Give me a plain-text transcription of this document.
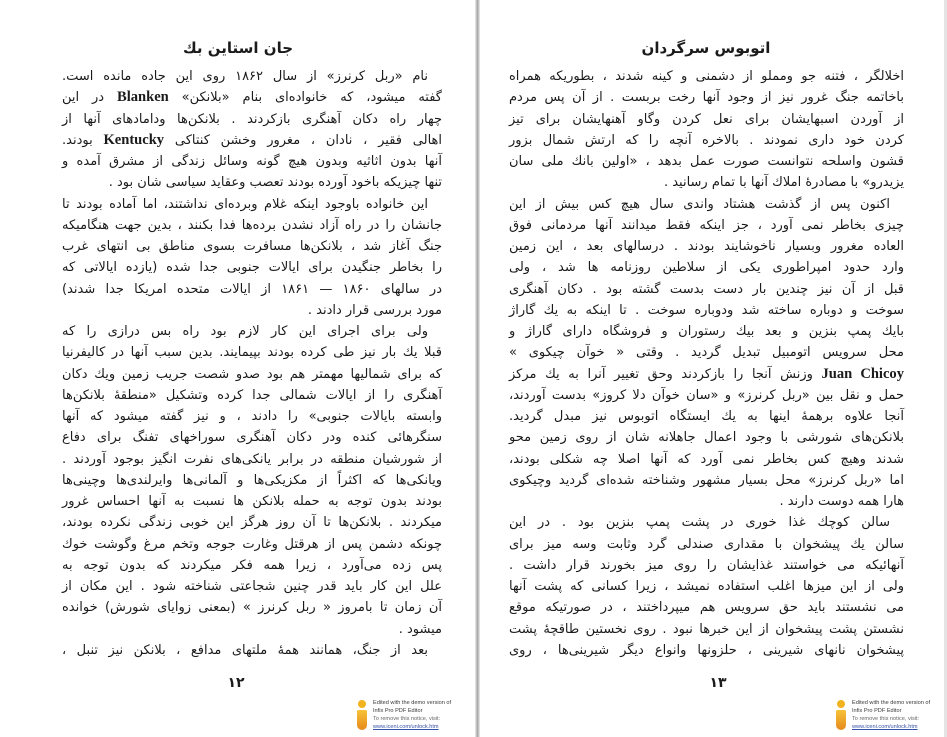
جان استاین بك
نام «ربل کرنرز» از سال ۱۸۶۲ روی این جاده مانده است.
گفته میشود، که خانواده‌ای بنام «بلانکن» Blanken در این
چهار راه دکان آهنگری بازکردند . بلانکن‌ها ودامادهای آنها از
اهالی فقیر ، نادان ، مغرور وخشن کنتاکی Kentucky بودند.
آنها بدون اثاثیه وبدون هیچ گونه وسائل زندگی از مشرق آمده و
تنها چیزیکه باخود آورده بودند تعصب وعقاید سیاسی شان بود .
این خانواده باوجود اینکه غلام وبرده‌ای نداشتند، اما آماده بودند تا
جانشان را در راه آزاد نشدن برده‌ها فدا بکنند ، بدین جهت هنگامیکه
جنگ آغاز شد ، بلانکن‌ها مسافرت بسوی مناطق بی انتهای غرب
را بخاطر جنگیدن برای ایالات جنوبی جدا شده (یازده ایالاتی که
در سالهای ۱۸۶۰ — ۱۸۶۱ از ایالات متحده امریکا جدا شدند)
مورد بررسی قرار دادند .
ولی برای اجرای این کار لازم بود راه بس درازی را که
قبلا یك بار نیز طی کرده بودند بپیمایند. بدین سبب آنها در کالیفرنیا
که برای شمالیها مهمتر هم بود صدو شصت جریب زمین ویك دکان
آهنگری را از ایالات شمالی جدا کرده وتشکیل «منطقهٔ بلانکن‌ها
وابسته بایالات جنوبی» را دادند ، و نیز گفته میشود که آنها
سنگرهائی کنده ودر دکان آهنگری سوراخهای تفنگ برای دفاع
از شورشیان منطقه در برابر یانکی‌های نفرت انگیز بوجود آوردند .
ویانکی‌ها که اکثراً از مکزیکی‌ها و آلمانی‌ها وایرلندی‌ها وچینی‌ها
بودند بدون توجه به حمله بلانکن ها نسبت به آنها احساس غرور
میکردند . بلانکن‌ها تا آن روز هرگز این خوبی زندگی نکرده بودند،
چونکه دشمن پس از هرقتل وغارت جوجه وتخم مرغ وگوشت خوك
پس زده می‌آورد ، زیرا همه فکر میکردند که بدون توجه به
علل این کار باید قدر چنین شجاعتی شناخته شود . این مکان از
آن زمان تا بامروز « ربل کرنرز » (بمعنی زوایای شورش) خوانده
میشود .
بعد از جنگ، همانند همهٔ ملتهای مدافع ، بلانکن نیز تنبل ،
۱۲
اتوبوس سرگردان
اخلالگر ، فتنه جو ومملو از دشمنی و کینه شدند ، بطوریکه همراه
باخاتمه جنگ غرور نیز از وجود آنها رخت بربست . از آن پس مردم
از آوردن اسبهایشان برای نعل کردن وگاو آهنهایشان برای تیز
کردن خود داری نمودند . بالاخره آنچه را که ارتش شمال بزور
قشون واسلحه نتوانست صورت عمل بدهد ، «اولین بانك ملی سان
یزیدرو» با مصادرهٔ املاك آنها با تمام رسانید .
اکنون پس از گذشت هشتاد واندی سال هیچ کس بیش از این
چیزی بخاطر نمی آورد ، جز اینکه فقط میدانند آنها مردمانی فوق
العاده مغرور وبسیار ناخوشایند بودند . درسالهای بعد ، این زمین
وارد حدود امپراطوری یکی از سلاطین روزنامه ها شد ، ولی
قبل از آن نیز چندین بار دست بدست گشته بود . دکان آهنگری
سوخت و دوباره ساخته شد ودوباره سوخت . تا اینکه به یك گاراژ
بایك پمپ بنزین و بعد بیك رستوران و فروشگاه دارای گاراژ و
محل سرویس اتومبیل تبدیل گردید . وقتی « خوآن چیکوی »
Juan Chicoy وزنش آنجا را بازکردند وحق تغییر آنرا به یك مرکز
حمل و نقل بین «ربل کرنرز» و «سان خوآن دلا کروز» بدست آوردند،
آنجا علاوه برهمهٔ اینها به یك ایستگاه اتوبوس نیز مبدل گردید.
بلانکن‌های شورشی با وجود اعمال جاهلانه شان از روی زمین محو
شدند وهیچ کس بخاطر نمی آورد که آنها اصلا چه شکلی بودند،
اما «ربل کرنرز» محل بسیار مشهور وشناخته شده‌ای گردید وچیکوی
هارا همه دوست دارند .
سالن کوچك غذا خوری در پشت پمپ بنزین بود . در این
سالن یك پیشخوان با مقداری صندلی گرد وثابت وسه میز برای
آنهائیکه می خواستند غذایشان را روی میز بخورند قرار داشت .
ولی از این میزها اغلب استفاده نمیشد ، زیرا کسانی که پشت آنها
می نشستند باید حق سرویس هم میپرداختند ، در صورتیکه موقع
نشستن پشت پیشخوان از این خبرها نبود . روی نخستین طاقچهٔ پشت
پیشخوان نانهای شیرینی ، حلزونها وانواع دیگر شیرینی‌ها ، روی
۱۳
Edited with the demo version of
Infix Pro PDF Editor
To remove this notice, visit:
www.iceni.com/unlock.htm
Edited with the demo version of
Infix Pro PDF Editor
To remove this notice, visit:
www.iceni.com/unlock.htm
